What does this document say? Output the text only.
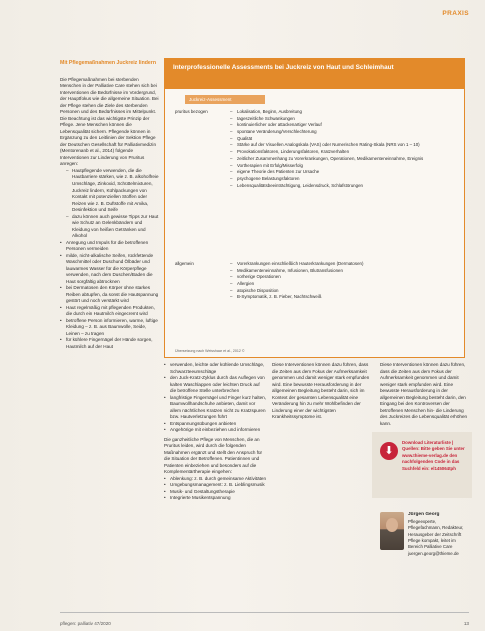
PRAXIS
Mit Pflegemaßnahmen Juckreiz lindern

Die Pflegemaßnahmen bei sterbenden Menschen in der Palliative Care stehen sich bei Interventionen die Bedürfnisse im Vordergrund, der Hauptfokus wie die allgemeine Situation. Bei der Pflege stehen die Ziele des sterbenden Personen und des Bedürfnisses im Mittelpunkt. Die Beachtung ist das wichtigste Prinzip der Pflege. Jene Menschen können die Lebensqualität sichern. Pflegende können in Ergänzung zu den Leitlinien der Sektion Pflege der Deutschen Gesellschaft für Palliativmedizin (Mentorenanb et al., 2014) folgende Interventionen zur Linderung von Pruritus anregen:

– Hautpflegende verwenden, die die Hautbarriere stärken, wie z. B. alkoholfreie Umschläge, Zinkoxid, Schüttelmixturen, Juckreiz lindern, Kühlpackungen von Kontakt mit potenziellen Stoffen oder Reizen wie z. B. Duftstoffe mit Amika, Desinfektion und Seife
– dazu können auch gewisse Tipps zur Haut wie Schutz an Gelenkbändern und Kleidung von heißen Getränken und Alkohol
• Anregung und Impuls für die betroffenen Personen vermeiden
• milde, nicht-alkalische Seifen, rückfettende Waschmittel oder Duschund Ölbäder und lauwarmes Wasser für die Körperpflege verwenden, nach dem Duschen/Baden die Haut sorgfältig abtrocknen
• bei Dermatosen den Körper ohne starkes Reiben abtupfen, da sonst die Hautspannung gestört und noch verstärkt wird
• Haut regelmäßig mit pflegenden Produkten, die durch ein Hautmilch eingecremt wird
• betroffene Person informieren, warme, luftige Kleidung – z. B. aus Baumwolle, Seide, Leinen – zu tragen
• für kühlere Fingernägel der Hände sorgen, Hautmilch auf der Haut
Interprofessionelle Assessments bei Juckreiz von Haut und Schleimhaut
Juckreiz-Assessment
pruritus bezogen	– Lokalisation, Beginn, Ausbreitung
– tageszeitliche Schwankungen
– kontinuierlicher oder attackenartiger Verlauf
– spontane Veränderung/Verschlechterung
– Qualität
– Stärke auf der Visuellen Analogskala (VAS) oder Numerischen Rating-Skala (NRS von 1 – 10)
– Provokationsfaktoren, Linderungsfaktoren, Kratzverhalten
– zeitlicher Zusammenhang zu Vorerkrankungen, Operationen, Medikamenteneinnahme, Ereignis
– Vortherapien mit Erfolg/Misserfolg
– eigene Theorie des Patienten zur Ursache
– psychogene Belastungsfaktoren
– Lebensqualitätsbeeinträchtigung, Leidensdruck, Schlafstörungen
allgemein	– Vorerkrankungen einschließlich Hauterkrankungen (Dermatosen)
– Medikamenteneinnahme, Infusionen, Blutransfusionen
– vorherige Operationen
– Allergien
– atopische Disposition
– B-Symptomatik, z. B. Fieber, Nachtschweiß
Übersetzung nach Weisshaar et al., 2012 ©
• verwenden, leichte oder kühlende Umschläge, Schwarzteeumschläge
• den Juck-Kratz-Zyklus durch das Auflegen von kalten Waschlappen oder leichten Druck auf die betroffene Stelle unterbrechen
• langfristige Fingernägel und Finger kurz halten, Baumwollhandschuhe anbieten, damit vor allem nächtliches Kratzen nicht zu Kratzspuren bzw. Hautverletzungen führt
• Entspannungsübungen anbieten
• Angehörige mit einbeziehen und informieren

Die ganzheitliche Pflege von Menschen, die an Pruritus leiden, wird durch die folgenden Maßnahmen ergänzt und stellt den Anspruch für die Situation der Betroffenen. Patientinnen und Patienten einbeziehen und besonders auf die Komplementärtherapie eingehen:

• Ablenkung: z. B. durch gemeinsame Aktivitäten
• Umgebungsmanagement: z. B. Lieblingsmusik
• Musik- und Gestaltungstherapie
• Integrierte Musikentspannung

Diese Interventionen können dazu führen, dass die Zeiten aus dem Fokus der Aufmerksamkeit genommen und damit weniger stark empfunden wird. Eine bewusste Herausforderung in der allgemeinen Begleitung besteht darin, sich im Kontext der gesamten Lebensqualität eine Veränderung hin zu mehr Wohlbefinden der Linderung einer der wichtigsten Krankheitssymptome ist.

Diese Interventionen können dazu führen, dass die Zeiten aus dem Fokus der Aufmerksamkeit genommen und damit weniger stark empfunden wird. Eine bewusste Herausforderung in der allgemeinen Begleitung besteht darin, den Eingang bei den Kontroversen der betroffenen Menschen hin- die Linderung des Juckreizes die Lebensqualität erhöhen kann.

⬇
Download Literaturliste | Quellen: Bitte geben Sie unter www.thieme-verlag.de den nachfolgenden Code in das Suchfeld ein: el145064tph
Jürgen Georg
Pflegeexperte, Pflegefachmann, Redakteur, Herausgeber der Zeitschrift Pflege kompakt, leitet im Bereich Palliative Care
juergen.georg@thieme.de
pflegen: palliativ 47/2020	13
